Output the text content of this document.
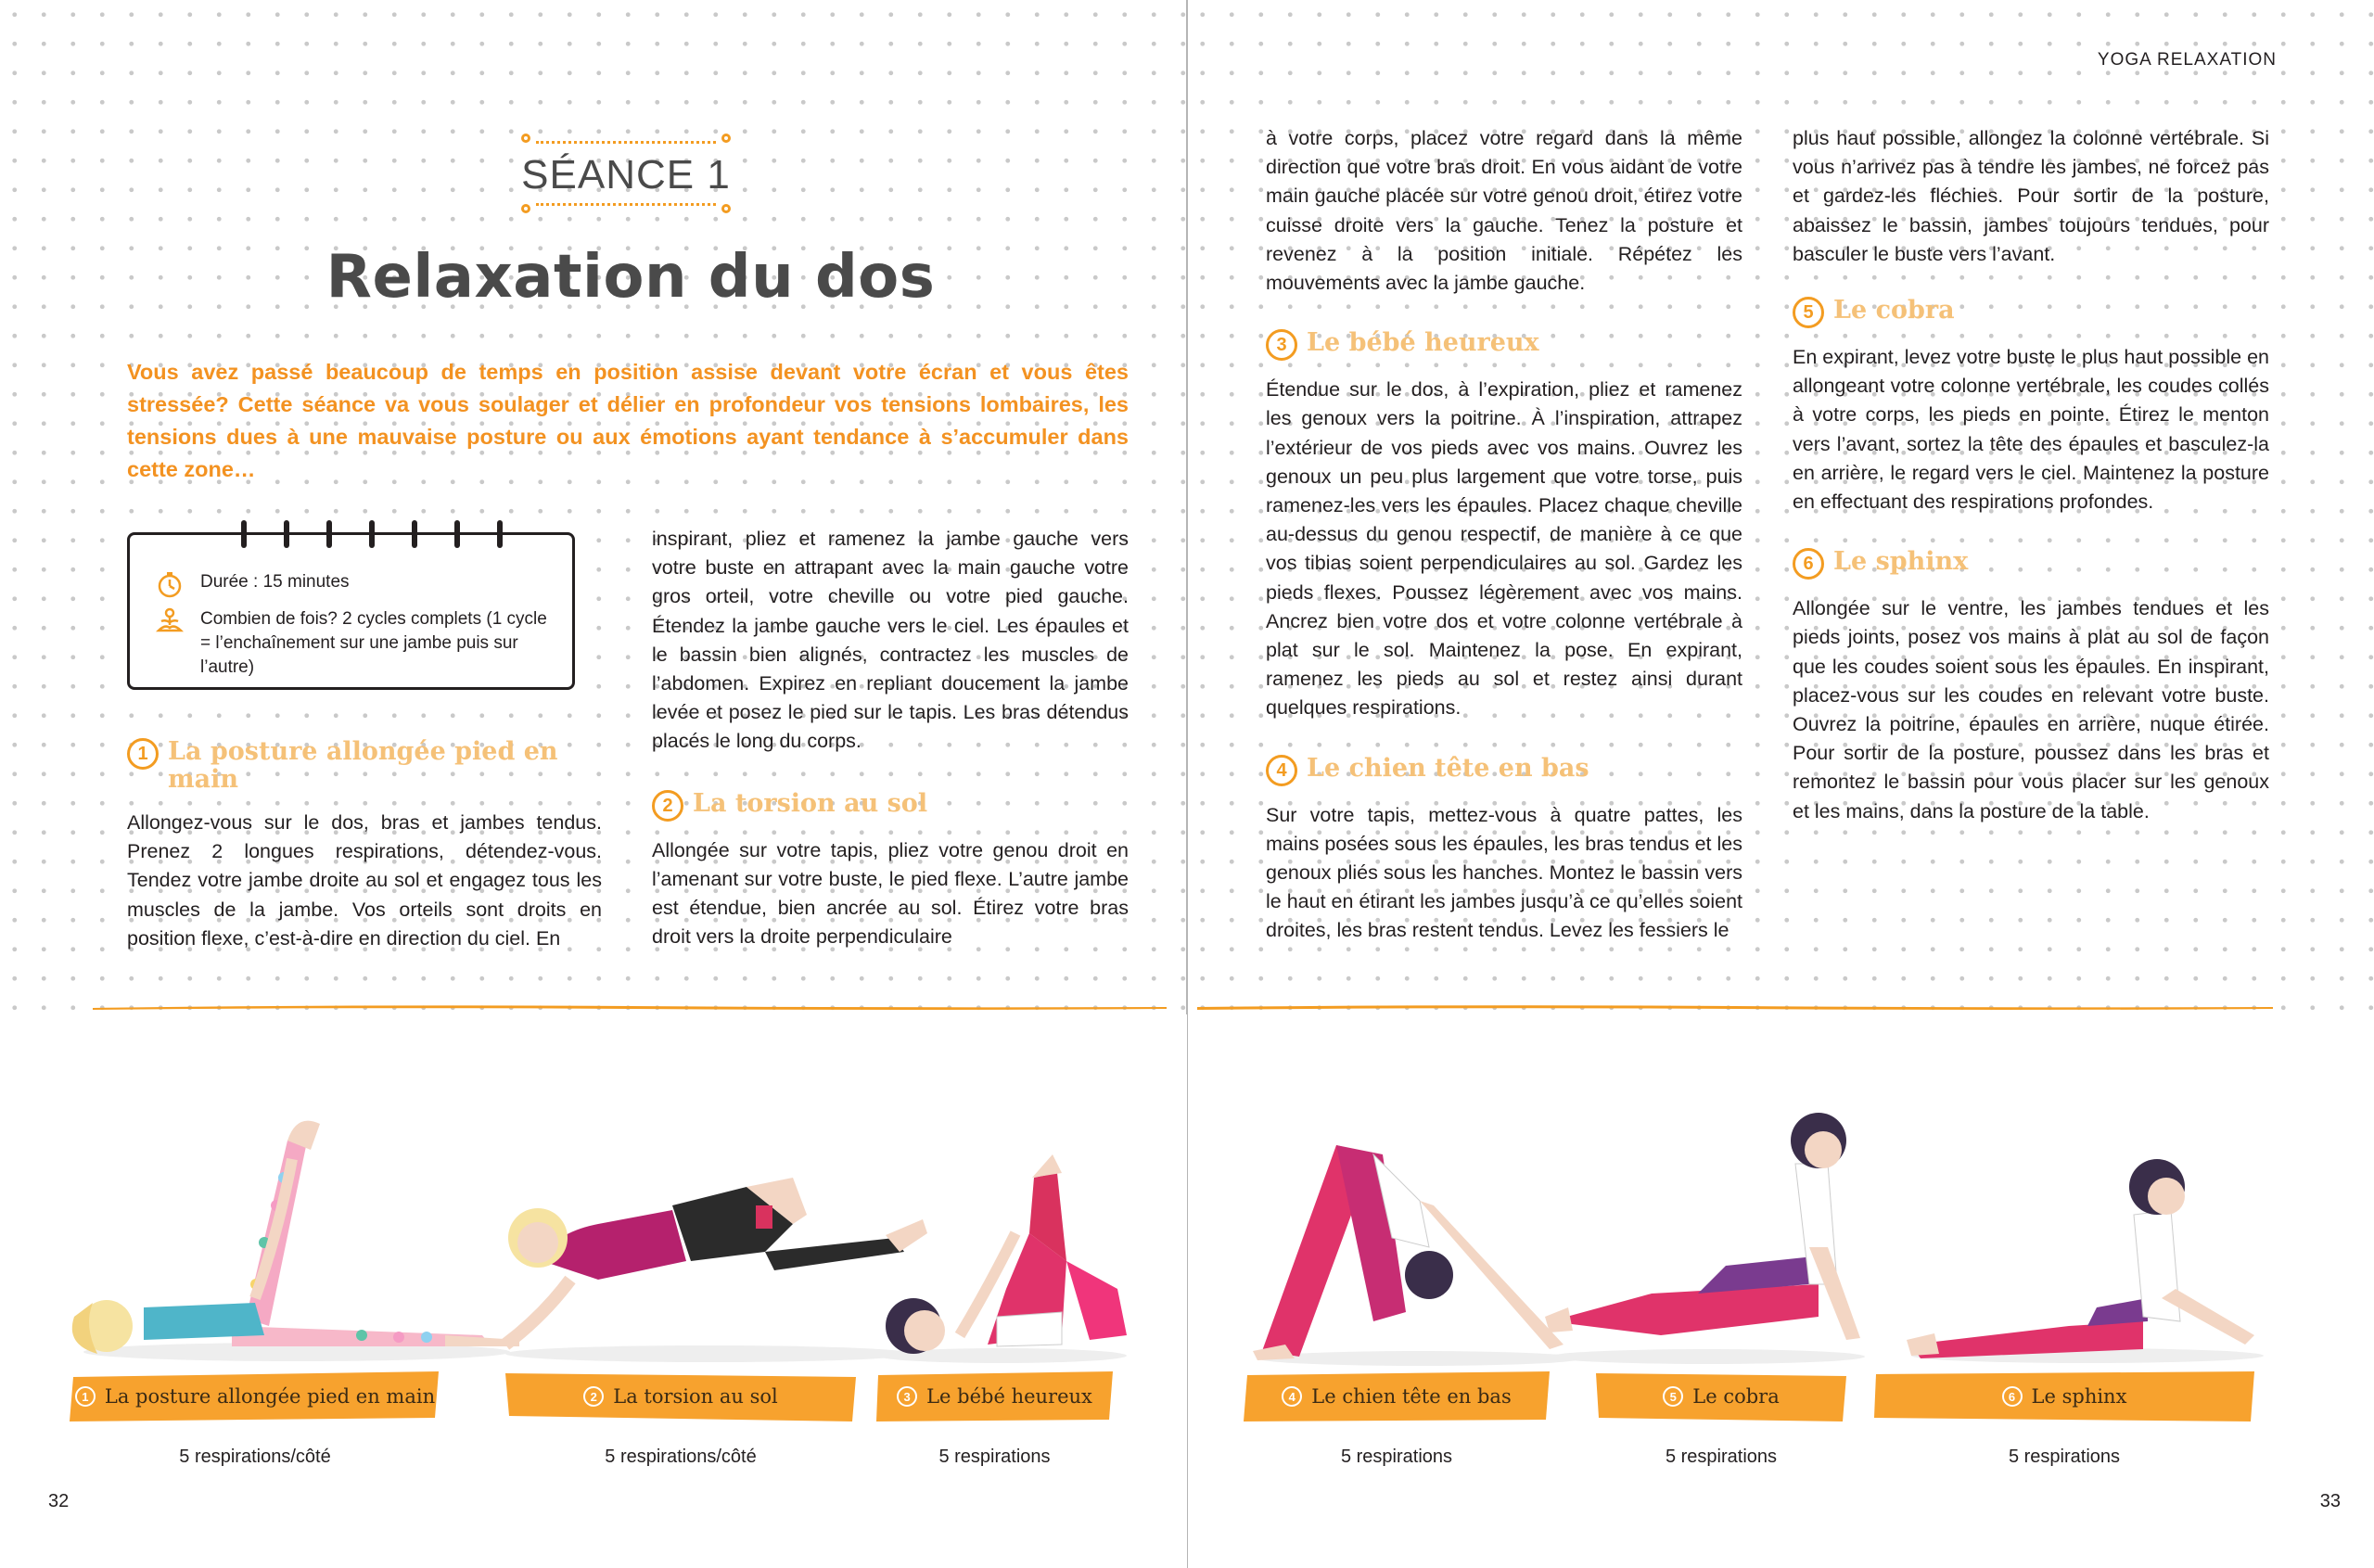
SÉANCE 1
Relaxation du dos

Vous avez passé beaucoup de temps en position assise devant votre écran et vous êtes stressée? Cette séance va vous soulager et délier en profondeur vos tensions lombaires, les tensions dues à une mauvaise posture ou aux émotions ayant tendance à s’accumuler dans cette zone…

Durée : 15 minutes
Combien de fois? 2 cycles complets (1 cycle = l’enchaînement sur une jambe puis sur l’autre)
1 La posture allongée pied en main

Allongez-vous sur le dos, bras et jambes tendus. Prenez 2 longues respirations, détendez-vous. Tendez votre jambe droite au sol et engagez tous les muscles de la jambe. Vos orteils sont droits en position flexe, c’est-à-dire en direction du ciel. En

inspirant, pliez et ramenez la jambe gauche vers votre buste en attrapant avec la main gauche votre gros orteil, votre cheville ou votre pied gauche. Étendez la jambe gauche vers le ciel. Les épaules et le bassin bien alignés, contractez les muscles de l’abdomen. Expirez en repliant doucement la jambe levée et posez le pied sur le tapis. Les bras détendus placés le long du corps.

2 La torsion au sol

Allongée sur votre tapis, pliez votre genou droit en l’amenant sur votre buste, le pied flexe. L’autre jambe est étendue, bien ancrée au sol. Étirez votre bras droit vers la droite perpendiculaire

1 La posture allongée pied en main
5 respirations/côté
2 La torsion au sol
5 respirations/côté
3 Le bébé heureux
5 respirations
32
YOGA RELAXATION

à votre corps, placez votre regard dans la même direction que votre bras droit. En vous aidant de votre main gauche placée sur votre genou droit, étirez votre cuisse droite vers la gauche. Tenez la posture et revenez à la position initiale. Répétez les mouvements avec la jambe gauche.

3 Le bébé heureux

Étendue sur le dos, à l’expiration, pliez et ramenez les genoux vers la poitrine. À l’inspiration, attrapez l’extérieur de vos pieds avec vos mains. Ouvrez les genoux un peu plus largement que votre torse, puis ramenez-les vers les épaules. Placez chaque cheville au-dessus du genou respectif, de manière à ce que vos tibias soient perpendiculaires au sol. Gardez les pieds flexes. Poussez légèrement avec vos mains. Ancrez bien votre dos et votre colonne vertébrale à plat sur le sol. Maintenez la pose. En expirant, ramenez les pieds au sol et restez ainsi durant quelques respirations.

4 Le chien tête en bas

Sur votre tapis, mettez-vous à quatre pattes, les mains posées sous les épaules, les bras tendus et les genoux pliés sous les hanches. Montez le bassin vers le haut en étirant les jambes jusqu’à ce qu’elles soient droites, les bras restent tendus. Levez les fessiers le

plus haut possible, allongez la colonne vertébrale. Si vous n’arrivez pas à tendre les jambes, ne forcez pas et gardez-les fléchies. Pour sortir de la posture, abaissez le bassin, jambes toujours tendues, pour basculer le buste vers l’avant.

5 Le cobra

En expirant, levez votre buste le plus haut possible en allongeant votre colonne vertébrale, les coudes collés à votre corps, les pieds en pointe. Étirez le menton vers l’avant, sortez la tête des épaules et basculez-la en arrière, le regard vers le ciel. Maintenez la posture en effectuant des respirations profondes.

6 Le sphinx

Allongée sur le ventre, les jambes tendues et les pieds joints, posez vos mains à plat au sol de façon que les coudes soient sous les épaules. En inspirant, placez-vous sur les coudes en relevant votre buste. Ouvrez la poitrine, épaules en arrière, nuque étirée. Pour sortir de la posture, poussez dans les bras et remontez le bassin pour vous placer sur les genoux et les mains, dans la posture de la table.

4 Le chien tête en bas
5 respirations
5 Le cobra
5 respirations
6 Le sphinx
5 respirations
33
